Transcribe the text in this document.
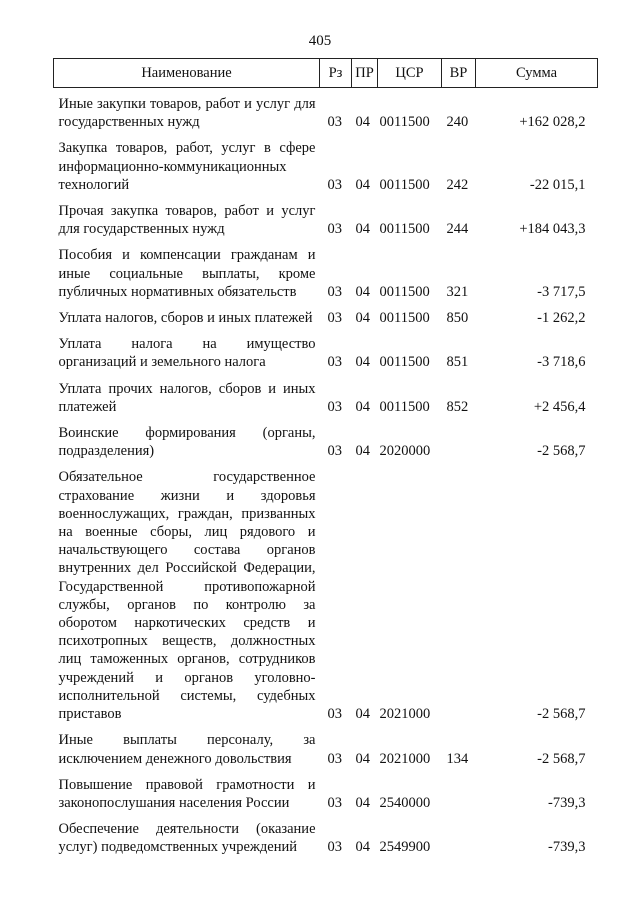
405
Наименование	Рз	ПР	ЦСР	ВР	Сумма

Иные закупки товаров, работ и услуг для государственных нужд	03	04	0011500	240	+162 028,2

Закупка товаров, работ, услуг в сфере информационно-коммуникационных технологий	03	04	0011500	242	-22 015,1

Прочая закупка товаров, работ и услуг для государственных нужд	03	04	0011500	244	+184 043,3

Пособия и компенсации гражданам и иные социальные выплаты, кроме публичных нормативных обязательств	03	04	0011500	321	-3 717,5

Уплата налогов, сборов и иных платежей	03	04	0011500	850	-1 262,2

Уплата налога на имущество организаций и земельного налога	03	04	0011500	851	-3 718,6

Уплата прочих налогов, сборов и иных платежей	03	04	0011500	852	+2 456,4

Воинские формирования (органы, подразделения)	03	04	2020000		-2 568,7

Обязательное государственное страхование жизни и здоровья военнослужащих, граждан, призванных на военные сборы, лиц рядового и начальствующего состава органов внутренних дел Российской Федерации, Государственной противопожарной службы, органов по контролю за оборотом наркотических средств и психотропных веществ, должностных лиц таможенных органов, сотрудников учреждений и органов уголовно-исполнительной системы, судебных приставов	03	04	2021000		-2 568,7

Иные выплаты персоналу, за исключением денежного довольствия	03	04	2021000	134	-2 568,7

Повышение правовой грамотности и законопослушания населения России	03	04	2540000		-739,3

Обеспечение деятельности (оказание услуг) подведомственных учреждений	03	04	2549900		-739,3
